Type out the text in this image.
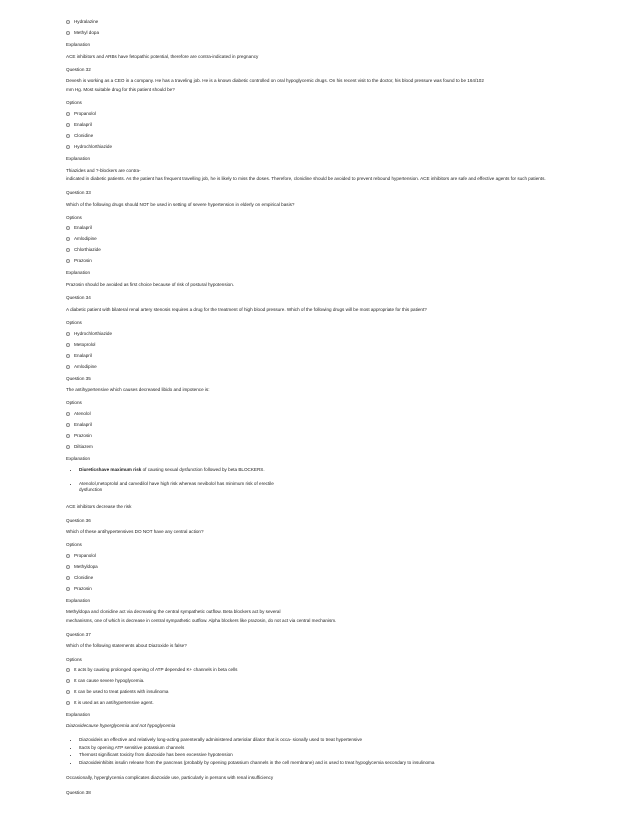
Hydralazine
Methyl dopa

Explanation

ACE inhibitors and ARBs have fetopathic potential, therefore are contra-indicated in pregnancy

Question 32

Devesh is working as a CEO in a company. He has a traveling job. He is a known diabetic controlled on oral hypoglycemic drugs. On his recent visit to the doctor, his blood pressure was found to be 164/102

mm Hg. Most suitable drug for this patient should be?

Options

Propanolol
Enalapril
Clonidine
Hydrochlorthiazide

Explanation

Thiazides and ?-blockers are contra-

indicated in diabetic patients. As the patient has frequent travelling job, he is likely to miss the doses. Therefore, clonidine should be avoided to prevent rebound hypertension. ACE inhibitors are safe and effective agents for such patients.

Question 33

Which of the following drugs should NOT be used in setting of severe hypertension in elderly on empirical basis?

Options

Enalapril
Amlodipine
Chlorthiazide
Prazosin

Explanation

Prazosin should be avoided as first choice because of risk of postural hypotension.

Question 34

A diabetic patient with bilateral renal artery stenosis requires a drug for the treatment of high blood pressure. Which of the following drugs will be most appropriate for this patient?

Options

Hydrochlorthiazide
Metoprolol
Enalapril
Amlodipine

Question 35

The antihypertensive which causes decreased libido and impotence is:

Options

Atenolol
Enalapril
Prazosin
Diltiazem

Explanation

• Diureticshave maximum risk of causing sexual dysfunction followed by beta BLOCKERS.
• Atenolol,metoprolol and carvedilol have high risk whereas nevibolol has minimum risk of erectile
dysfunction

ACE inhibitors decrease the risk

Question 36

Which of these antihypertensives DO NOT have any central action?

Options

Propanolol
Methyldopa
Clonidine
Prazosin

Explanation

Methyldopa and clonidine act via decreasing the central sympathetic outflow. Beta blockers act by several

mechanisms, one of which is decrease in central sympathetic outflow. Alpha blockers like prazosin, do not act via central mechanism.

Question 37

Which of the following statements about Diazoxide is false?

Options

It acts by causing prolonged opening of ATP depended K+ channels in beta cells
It can cause severe hypoglycemia.
It can be used to treat patients with insulinoma
It is used as an antihypertensive agent.

Explanation

Diazoxidecause hyperglycemia and not hypoglycemia

• Diazoxideis an effective and relatively long-acting parenterally administered arteriolar dilator that is occa- sionally used to treat hypertensive
• Itacts by opening ATP sensitive potassium channels
• Themost significant toxicity from diazoxide has been excessive hypotension
• Diazoxideinhibits insulin release from the pancreas (probably by opening potassium channels in the cell membrane) and is used to treat hypoglycemia secondary to insulinoma

Occasionally, hyperglycemia complicates diazoxide use, particularly in persons with renal insufficiency

Question 38
